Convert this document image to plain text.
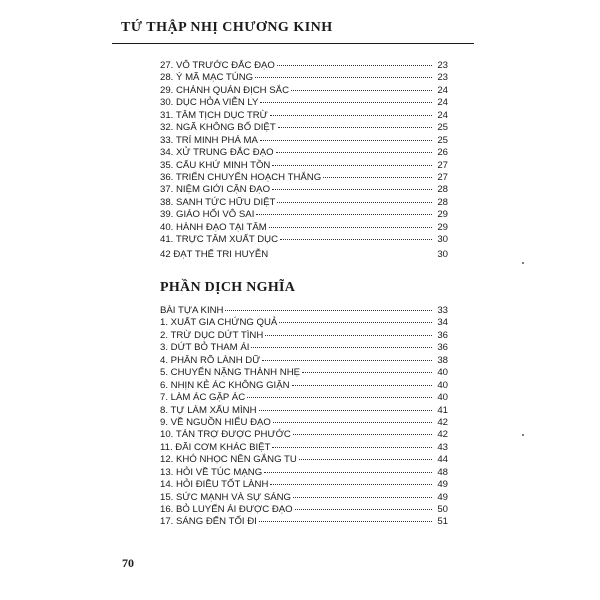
TỨ THẬP NHỊ CHƯƠNG KINH
27. VÔ TRƯỚC ĐẮC ĐẠO	23
28. Ý MÃ MẠC TÚNG	23
29. CHÁNH QUÁN ĐỊCH SẮC	24
30. DỤC HỎA VIỄN LY	24
31. TÂM TỊCH DỤC TRỪ	24
32. NGÃ KHÔNG BỐ DIỆT	25
33. TRÍ MINH PHÁ MA	25
34. XỬ TRUNG ĐẮC ĐẠO	26
35. CẤU KHỨ MINH TỒN	27
36. TRIỂN CHUYỂN HOẠCH THẮNG	27
37. NIỆM GIỚI CẬN ĐẠO	28
38. SANH TỨC HỮU DIỆT	28
39. GIÁO HỐI VÔ SAI	29
40. HÀNH ĐẠO TẠI TÂM	29
41. TRỰC TÂM XUẤT DỤC	30
42 ĐẠT THẾ TRI HUYỄN	30
PHẦN DỊCH NGHĨA
BÀI TỰA KINH	33
1. XUẤT GIA CHỨNG QUẢ	34
2. TRỪ DỤC DỨT TÌNH	36
3. DỨT BỎ THAM ÁI	36
4. PHÂN RÕ LÀNH DỮ	38
5. CHUYỂN NẶNG THÀNH NHẸ	40
6. NHỊN KẺ ÁC KHÔNG GIẬN	40
7. LÀM ÁC GẶP ÁC	40
8. TỰ LÀM XẤU MÌNH	41
9. VỀ NGUỒN HIỂU ĐẠO	42
10. TÁN TRỢ ĐƯỢC PHƯỚC	42
11. ĐÃI CƠM KHÁC BIỆT	43
12. KHÓ NHỌC NÊN GẮNG TU	44
13. HỎI VỀ TÚC MẠNG	48
14. HỎI ĐIỀU TỐT LÀNH	49
15. SỨC MẠNH VÀ SỰ SÁNG	49
16. BỎ LUYẾN ÁI ĐƯỢC ĐẠO	50
17. SÁNG ĐẾN TỐI ĐI	51
70
